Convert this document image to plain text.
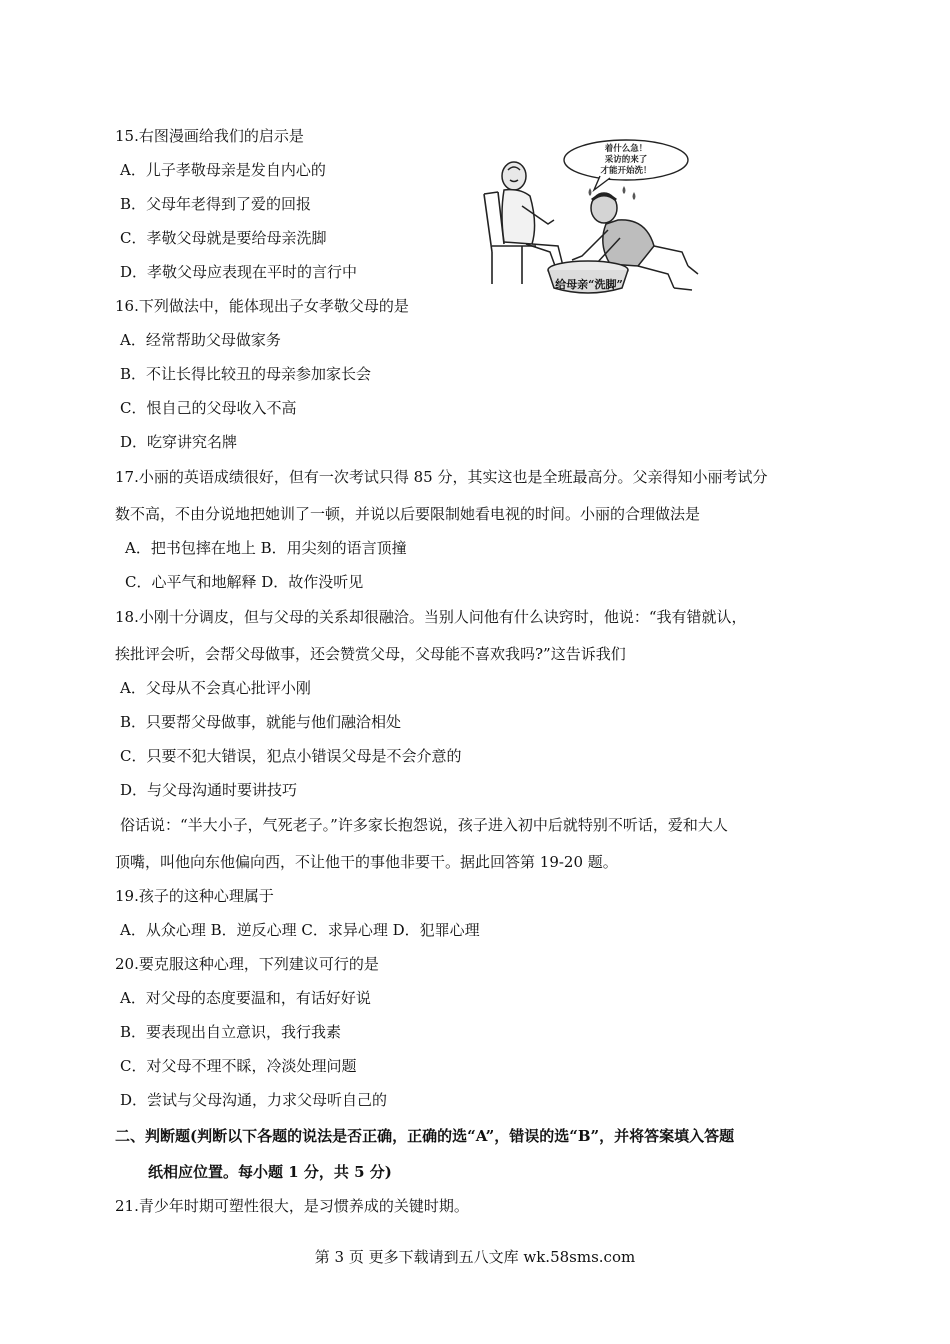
15.右图漫画给我们的启示是
A．儿子孝敬母亲是发自内心的
B．父母年老得到了爱的回报
C．孝敬父母就是要给母亲洗脚
D．孝敬父母应表现在平时的言行中
着什么急！
采访的来了
才能开始洗！
给母亲“洗脚”
16.下列做法中，能体现出子女孝敬父母的是
A．经常帮助父母做家务
B．不让长得比较丑的母亲参加家长会
C．恨自己的父母收入不高
D．吃穿讲究名牌
17.小丽的英语成绩很好，但有一次考试只得 85 分，其实这也是全班最高分。父亲得知小丽考试分
数不高，不由分说地把她训了一顿，并说以后要限制她看电视的时间。小丽的合理做法是
A．把书包摔在地上 B．用尖刻的语言顶撞
C．心平气和地解释 D．故作没听见
18.小刚十分调皮，但与父母的关系却很融洽。当别人问他有什么诀窍时，他说：“我有错就认，
挨批评会听，会帮父母做事，还会赞赏父母，父母能不喜欢我吗?”这告诉我们
A．父母从不会真心批评小刚
B．只要帮父母做事，就能与他们融洽相处
C．只要不犯大错误，犯点小错误父母是不会介意的
D．与父母沟通时要讲技巧
俗话说：“半大小子，气死老子。”许多家长抱怨说，孩子进入初中后就特别不听话，爱和大人
顶嘴，叫他向东他偏向西，不让他干的事他非要干。据此回答第 19-20 题。
19.孩子的这种心理属于
A．从众心理 B．逆反心理 C．求异心理 D．犯罪心理
20.要克服这种心理，下列建议可行的是
A．对父母的态度要温和，有话好好说
B．要表现出自立意识，我行我素
C．对父母不理不睬，冷淡处理问题
D．尝试与父母沟通，力求父母听自己的
二、判断题(判断以下各题的说法是否正确，正确的选“A”，错误的选“B”，并将答案填入答题
纸相应位置。每小题 1 分，共 5 分)
21.青少年时期可塑性很大，是习惯养成的关键时期。
第 3 页 更多下载请到五八文库 wk.58sms.com
